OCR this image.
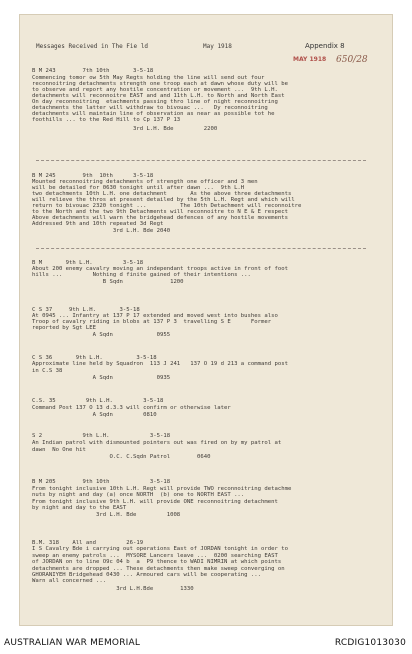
Messages Received in The Fie ld	May 1918	Appendix 8
MAY 1918 650/28
B M 243        7th 10th       3-5-18
Commencing tomor ow 5th May Regts holding the line will send out four
reconnoitring detachments strength one troop each at dawn whose duty will be
to observe and report any hostile concentration or movement ...  9th L.H.
detachments will reconnoitre EAST and and 11th L.H. to North and North East
On day reconnoitring  etachments passing thro line of night reconnoitring
detachments the latter will withdraw to bivouac ...   Dy reconnoitring
detachments will maintain line of observation as near as possible tot he
foothills ... to the Red Hill to Cp 137 P 13
3rd L.H. Bde         2200
B M 245        9th  10th      3-5-18
Mounted reconnoitring detachments of strength one officer and 3 men
will be detailed for 0630 tonight until after dawn ...  9th L.H
two detachments 10th L.H. one detachment       As the above three detachments
will relieve the thros at present detailed by the 5th L.H. Regt and which will
return to bivouac 2320 tonight ...          The 10th Detachment will reconnoitre
to the North and the two 9th Detachments will reconnoitre to N E & E respect
Above detachments will warn the bridgehead defences of any hostile movements
Addressed 9th and 10th repeated 3d Regt
3rd L.H. Bde 2040
B M       9th L.H.         3-5-18
About 200 enemy cavalry moving an independant troops active in front of foot
hills ...         Nothing d finite gained of their intentions ...
B Sqdn              1200
C S 37     9th L.H.       3-5-18
At 0945 ... Infantry at 137 P 17 extended and moved west into bushes also
Troop of cavalry riding in blobs at 137 P 3  travelling S E      Former
reported by Sgt LEE
A Sqdn             0955
C S 36       9th L.H.          3-5-18
Approximate line held by Squadron  113 J 241   137 O 19 d 213 a command post
in C.S 38
A Sqdn             0935
C.S. 35         9th L.H.         3-5-18
Command Post 137 O 13 d.3.3 will confirm or otherwise later
A Sqdn         0810
S 2            9th L.H.            3-5-18
An Indian patrol with dismounted pointers out was fired on by my patrol at
dawn  No One hit
O.C. C.Sqdn Patrol        0640
B M 205        9th 10th            3-5-18
From tonight inclusive 10th L.H. Regt will provide TWO reconnoitring detachme
nuts by night and day (a) once NORTH  (b) one to NORTH EAST ...
From tonight inclusive 9th L.H. will provide ONE reconnoitring detachment
by night and day to the EAST
3rd L.H. Bde         1008
B.M. 318    All and         26-19
I S Cavalry Bde i carrying out operations East of JORDAN tonight in order to
sweep an enemy patrols ...  MYSORE Lancers leave ...  0200 searching EAST
of JORDAN on to line O9c 04 b  a  P9 thence to WADI NIMRIN at which points
detachments are dropped ... These detachments then make sweep converging on
GHORANIYEH Bridgehead 0430 ... Armoured cars will be cooperating ...
Warn all concerned ...
3rd L.H.Bde        1330
AUSTRALIAN WAR MEMORIAL	RCDIG1013030
